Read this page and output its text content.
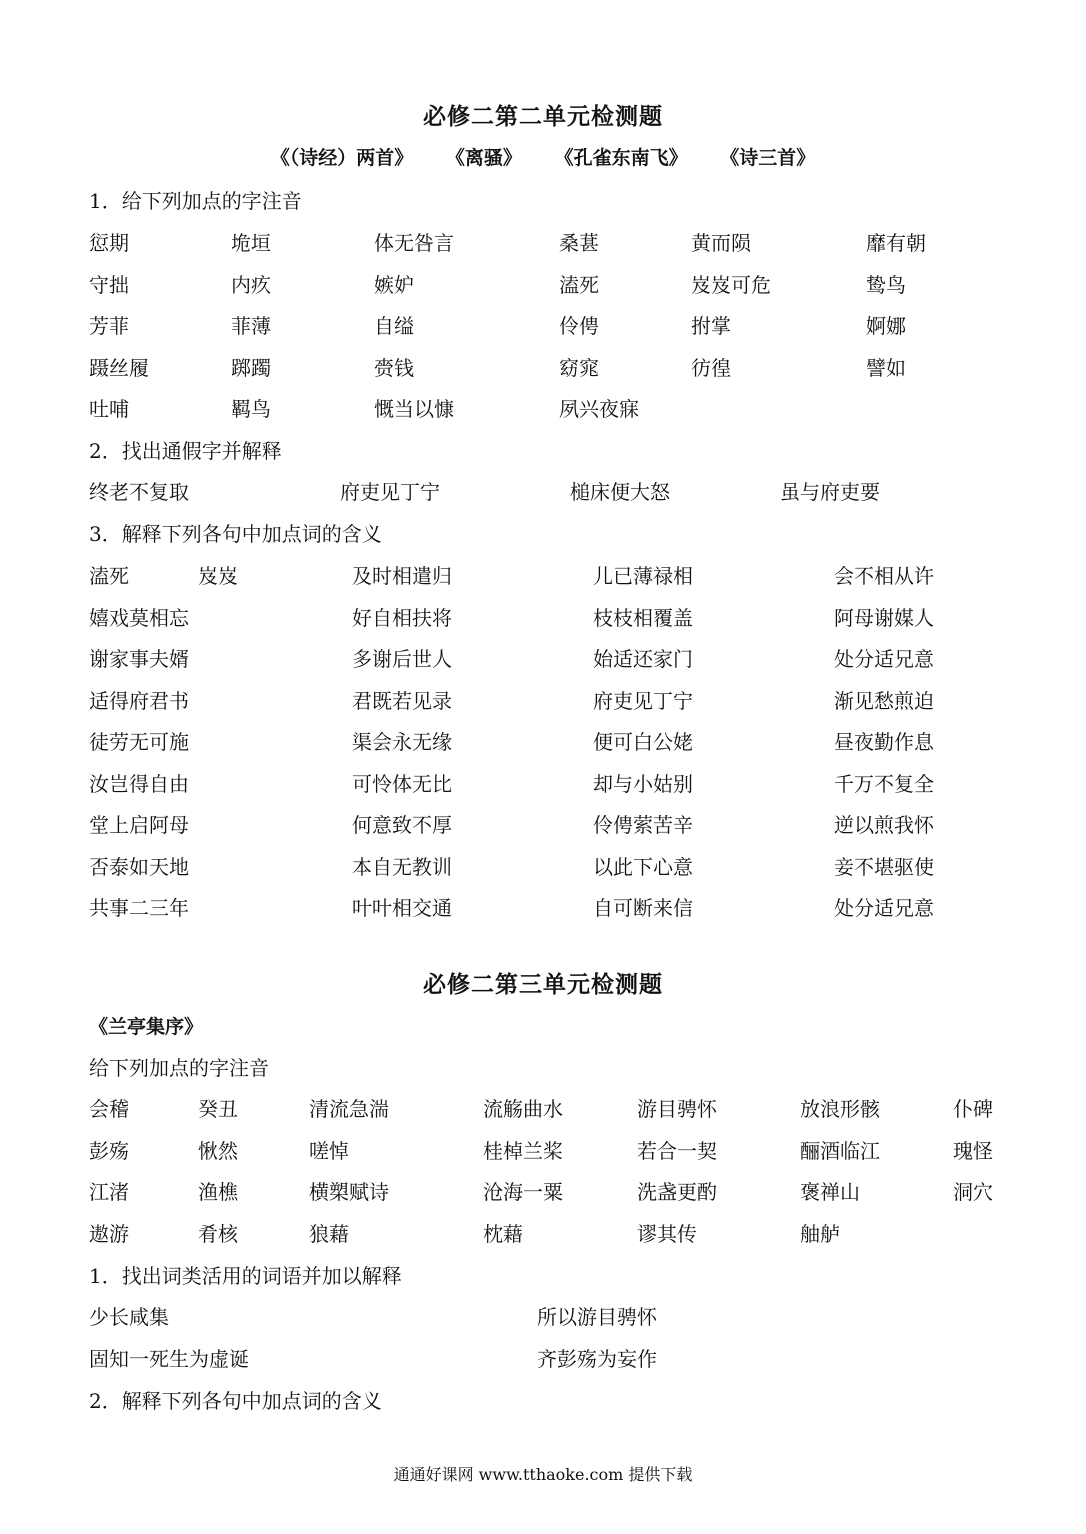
必修二第二单元检测题
《（诗经）两首》 《离骚》 《孔雀东南飞》 《诗三首》
1．给下列加点的字注音
愆期	垝垣	体无咎言	桑葚	黄而陨	靡有朝
守拙	内疚	嫉妒	溘死	岌岌可危	鸷鸟
芳菲	菲薄	自缢	伶俜	拊掌	婀娜
蹑丝履	踯躅	赍钱	窈窕	彷徨	譬如
吐哺	羁鸟	慨当以慷	夙兴夜寐
2．找出通假字并解释
终老不复取	府吏见丁宁	槌床便大怒	虽与府吏要
3．解释下列各句中加点词的含义
溘死	岌岌	及时相遣归	儿已薄禄相	会不相从许
嬉戏莫相忘	好自相扶将	枝枝相覆盖	阿母谢媒人
谢家事夫婿	多谢后世人	始适还家门	处分适兄意
适得府君书	君既若见录	府吏见丁宁	渐见愁煎迫
徒劳无可施	渠会永无缘	便可白公姥	昼夜勤作息
汝岂得自由	可怜体无比	却与小姑别	千万不复全
堂上启阿母	何意致不厚	伶俜萦苦辛	逆以煎我怀
否泰如天地	本自无教训	以此下心意	妾不堪驱使
共事二三年	叶叶相交通	自可断来信	处分适兄意
必修二第三单元检测题
《兰亭集序》
给下列加点的字注音
会稽	癸丑	清流急湍	流觞曲水	游目骋怀	放浪形骸	仆碑
彭殇	愀然	嗟悼	桂棹兰桨	若合一契	酾酒临江	瑰怪
江渚	渔樵	横槊赋诗	沧海一粟	洗盏更酌	褒禅山	洞穴
遨游	肴核	狼藉	枕藉	谬其传	舳舻
1．找出词类活用的词语并加以解释
少长咸集	所以游目骋怀
固知一死生为虚诞	齐彭殇为妄作
2．解释下列各句中加点词的含义
通通好课网 www.tthaoke.com 提供下载
